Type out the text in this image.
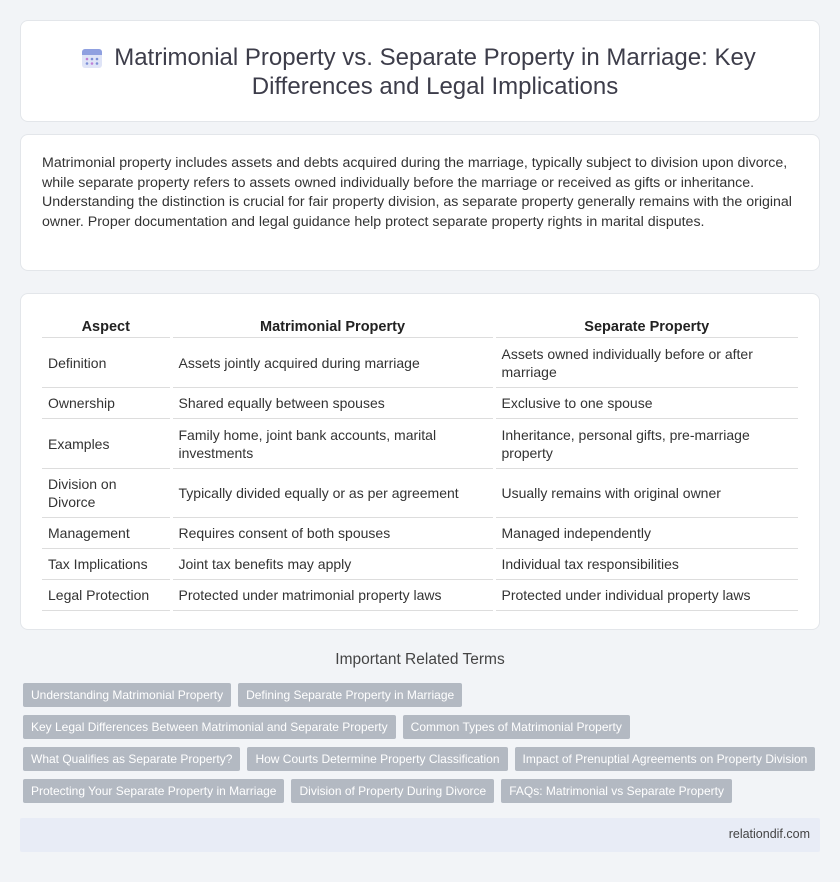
Matrimonial Property vs. Separate Property in Marriage: Key Differences and Legal Implications

Matrimonial property includes assets and debts acquired during the marriage, typically subject to division upon divorce, while separate property refers to assets owned individually before the marriage or received as gifts or inheritance. Understanding the distinction is crucial for fair property division, as separate property generally remains with the original owner. Proper documentation and legal guidance help protect separate property rights in marital disputes.

Aspect	Matrimonial Property	Separate Property
Definition	Assets jointly acquired during marriage	Assets owned individually before or after marriage
Ownership	Shared equally between spouses	Exclusive to one spouse
Examples	Family home, joint bank accounts, marital investments	Inheritance, personal gifts, pre-marriage property
Division on Divorce	Typically divided equally or as per agreement	Usually remains with original owner
Management	Requires consent of both spouses	Managed independently
Tax Implications	Joint tax benefits may apply	Individual tax responsibilities
Legal Protection	Protected under matrimonial property laws	Protected under individual property laws
Important Related Terms
Understanding Matrimonial Property	Defining Separate Property in Marriage
Key Legal Differences Between Matrimonial and Separate Property	Common Types of Matrimonial Property
What Qualifies as Separate Property?	How Courts Determine Property Classification	Impact of Prenuptial Agreements on Property Division
Protecting Your Separate Property in Marriage	Division of Property During Divorce	FAQs: Matrimonial vs Separate Property
relationdif.com
